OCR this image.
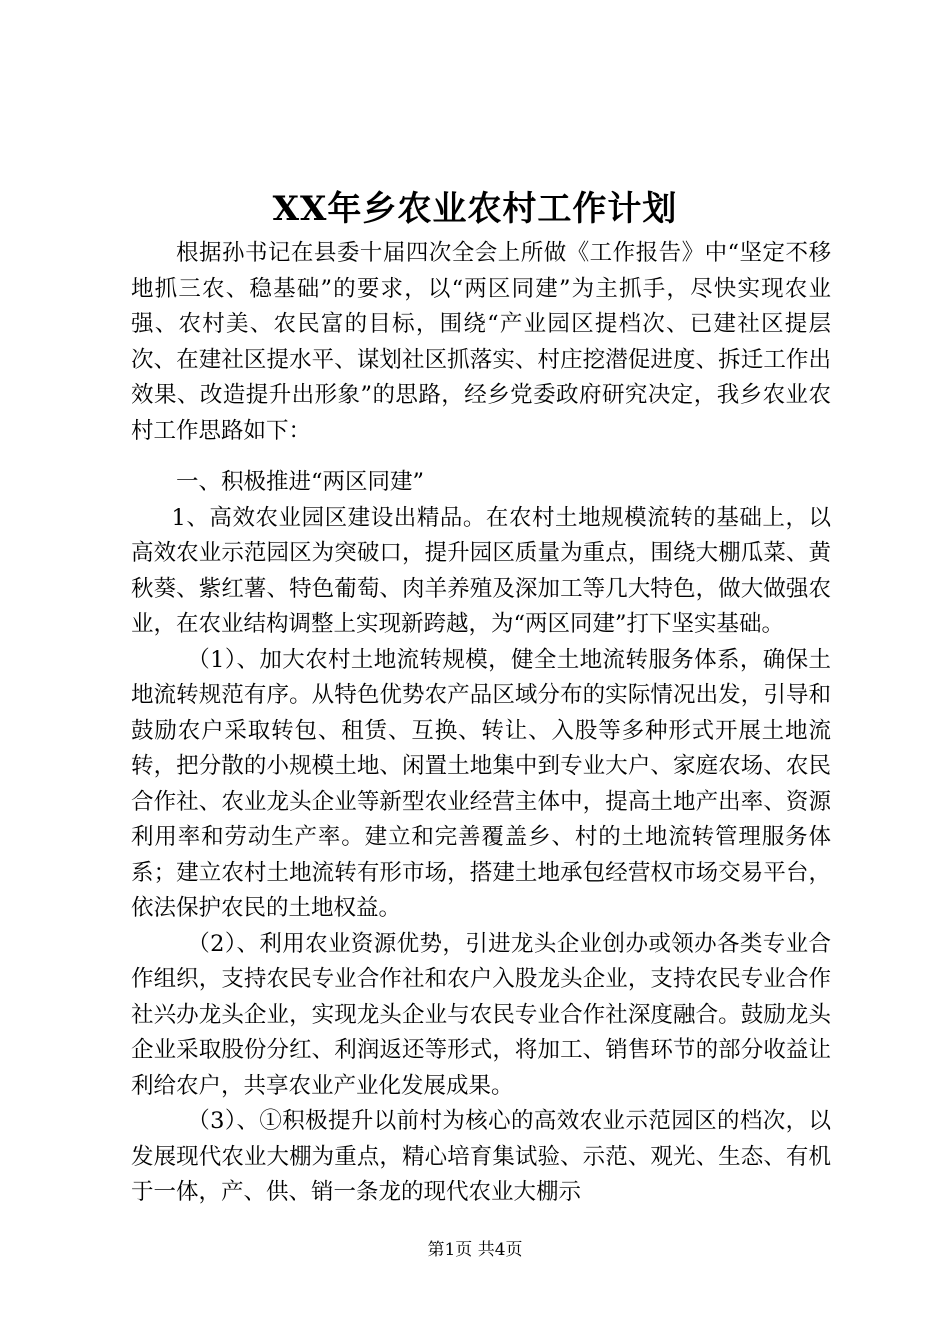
XX年乡农业农村工作计划

根据孙书记在县委十届四次全会上所做《工作报告》中“坚定不移地抓三农、稳基础”的要求，以“两区同建”为主抓手，尽快实现农业强、农村美、农民富的目标，围绕“产业园区提档次、已建社区提层次、在建社区提水平、谋划社区抓落实、村庄挖潜促进度、拆迁工作出效果、改造提升出形象”的思路，经乡党委政府研究决定，我乡农业农村工作思路如下：

一、积极推进“两区同建”

1、高效农业园区建设出精品。在农村土地规模流转的基础上，以高效农业示范园区为突破口，提升园区质量为重点，围绕大棚瓜菜、黄秋葵、紫红薯、特色葡萄、肉羊养殖及深加工等几大特色，做大做强农业，在农业结构调整上实现新跨越，为“两区同建”打下坚实基础。

（1）、加大农村土地流转规模，健全土地流转服务体系，确保土地流转规范有序。从特色优势农产品区域分布的实际情况出发，引导和鼓励农户采取转包、租赁、互换、转让、入股等多种形式开展土地流转，把分散的小规模土地、闲置土地集中到专业大户、家庭农场、农民合作社、农业龙头企业等新型农业经营主体中，提高土地产出率、资源利用率和劳动生产率。建立和完善覆盖乡、村的土地流转管理服务体系；建立农村土地流转有形市场，搭建土地承包经营权市场交易平台，依法保护农民的土地权益。

（2）、利用农业资源优势，引进龙头企业创办或领办各类专业合作组织，支持农民专业合作社和农户入股龙头企业，支持农民专业合作社兴办龙头企业，实现龙头企业与农民专业合作社深度融合。鼓励龙头企业采取股份分红、利润返还等形式，将加工、销售环节的部分收益让利给农户，共享农业产业化发展成果。

（3）、①积极提升以前村为核心的高效农业示范园区的档次，以发展现代农业大棚为重点，精心培育集试验、示范、观光、生态、有机于一体，产、供、销一条龙的现代农业大棚示

第1页 共4页
